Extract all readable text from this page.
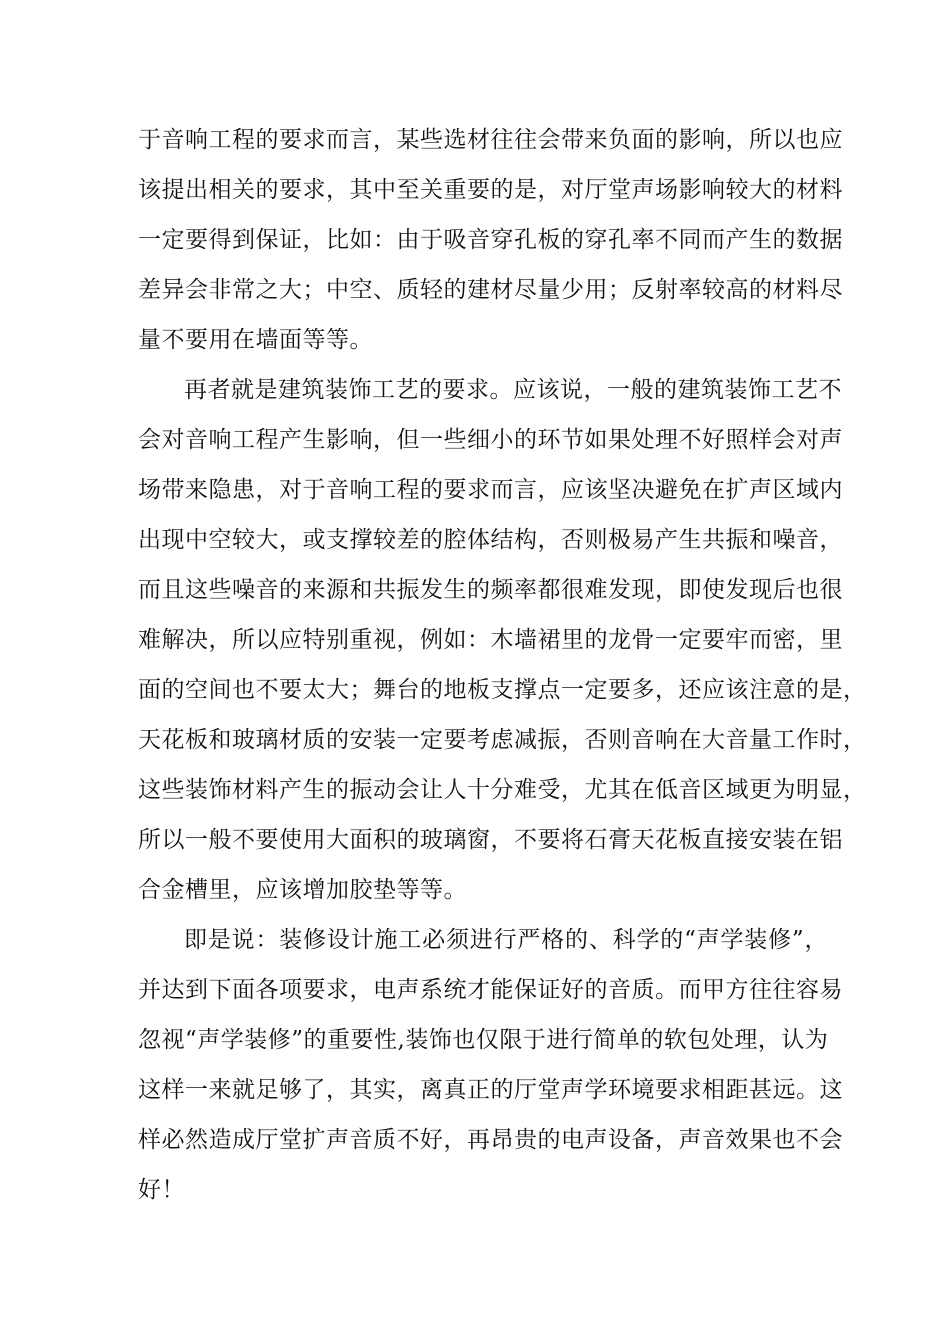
于音响工程的要求而言，某些选材往往会带来负面的影响，所以也应
该提出相关的要求，其中至关重要的是，对厅堂声场影响较大的材料
一定要得到保证，比如：由于吸音穿孔板的穿孔率不同而产生的数据
差异会非常之大；中空、质轻的建材尽量少用；反射率较高的材料尽
量不要用在墙面等等。
再者就是建筑装饰工艺的要求。应该说，一般的建筑装饰工艺不
会对音响工程产生影响，但一些细小的环节如果处理不好照样会对声
场带来隐患，对于音响工程的要求而言，应该坚决避免在扩声区域内
出现中空较大，或支撑较差的腔体结构，否则极易产生共振和噪音，
而且这些噪音的来源和共振发生的频率都很难发现，即使发现后也很
难解决，所以应特别重视，例如：木墙裙里的龙骨一定要牢而密，里
面的空间也不要太大；舞台的地板支撑点一定要多，还应该注意的是，
天花板和玻璃材质的安装一定要考虑减振，否则音响在大音量工作时，
这些装饰材料产生的振动会让人十分难受，尤其在低音区域更为明显，
所以一般不要使用大面积的玻璃窗，不要将石膏天花板直接安装在铝
合金槽里，应该增加胶垫等等。
即是说：装修设计施工必须进行严格的、科学的“声学装修”，
并达到下面各项要求，电声系统才能保证好的音质。而甲方往往容易
忽视“声学装修”的重要性,装饰也仅限于进行简单的软包处理，认为
这样一来就足够了，其实，离真正的厅堂声学环境要求相距甚远。这
样必然造成厅堂扩声音质不好，再昂贵的电声设备，声音效果也不会
好！
